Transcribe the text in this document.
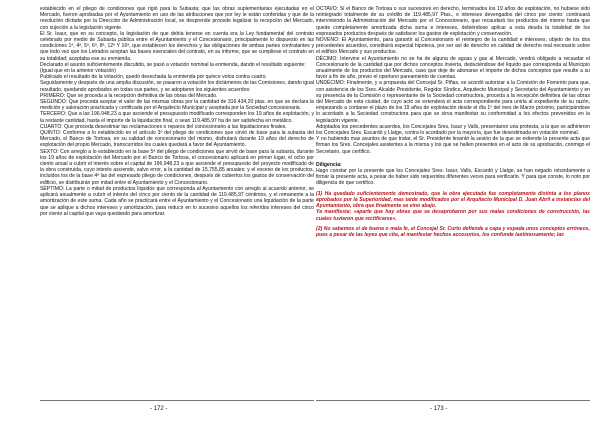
establecido en el pliego de condiciones que rigió para la Subasta; que las obras suplementarias ejecutadas en el Mercado, fueron aprobadas por el Ayuntamiento en uso de las atribuciones que por ley le están conferidas y que de la resolución dictada por la Dirección de Administración local, se desprende procede legalizar la recepción del Mercado, con sujeción a la legislación vigente.

El Sr. Isaur, que en su concepto, la legislación de que debía tenerse en cuenta era la Ley fundamental del contrato celebrado por medio de Subasta pública entre el Ayuntamiento y el Concesionario, principalmente lo dispuesto en las condiciones 1ª, 4ª, 5ª, 6ª, 8ª, 12ª Y 16ª, que establecen los derechos y las obligaciones de ambas partes contratantes y que todo vez que los Letrados aceptan las bases esenciales del contrato, en su informe, que se cumpliese el contrato en su totalidad; aceptaba ese su enmienda.

Declarado el asunto suficientemente discutido, se pasó a votación nominal la enmienda, dando el resultado siguiente:

(Igual que en la anterior votación)

Publicado el resultado de la votación, quedó desechada la enmienda por quince votos contra cuatro.

Seguidamente y después de una amplia discusión, se pasaron a votación los dictámenes de las Comisiones, dando igual resultado, quedando aprobados en todas sus partes, y se adoptaron los siguientes acuerdos:

PRIMERO: Que se proceda a la recepción definitiva de las obras del Mercado.

SEGUNDO: Que proceda aceptar el valor de las mismas obras por la cantidad de 316.434,20 ptas. en que se declara la medición y valoración practicada y certificada por el Arquitecto Municipal y aceptada por la Sociedad concesionaria.

TERCERO: Que a las 196.948,23 a que asciende el presupuesto modificado corresponden los 19 años de explotación, y la restante cantidad, hasta el importe de la liquidación final, o sean 119.485,97 ha de ser satisfecha en metálico.

CUARTO: Que proceda desestimar las reclamaciones o reparos del concesionario a las liquidaciones finales.

QUINTO: Conforme a lo establecido en el artículo 3º del pliego de condiciones que sirvió de base para la subasta del Mercado, el Banco de Tortosa, en su calidad de concesionario del mismo, disfrutará durante 19 años del derecho de explotación del propio Mercado, transcurridos los cuales quedará a favor del Ayuntamiento.

SEXTO: Con arreglo a lo establecido en la base 5ª del pliego de condiciones que sirvió de base para la subasta, durante los 19 años de explotación del Mercado por el Banco de Tortosa, el concesionario aplicará en primer lugar, el ocho por ciento anual a cubrir el interés sobre el capital de 196.948,23 a que asciende el presupuesto del proyecto modificado de la obra construida, cuyo interés asciende, salvo error, a la cantidad de 15.755,85 anuales; y el exceso de los productos, incluidos los de la base 4ª las del expresado pliego de condiciones, después de cubiertos los gastos de conservación del edificio, se distribuirán por mitad entre el Ayuntamiento y el Concesionario.

SÉPTIMO: La parte o mitad de productos líquidos que corresponda al Ayuntamiento con arreglo al acuerdo anterior, se aplicará anualmente a cubrir el interés del cinco por ciento de la cantidad de 119.485,97 céntimos, y el remanente a la amortización de este suma. Cada año se practicará entre el Ayuntamiento y el Concesionario una liquidación de la parte que se aplique a dichos intereses y amortización, para reducir en lo sucesivo aquellos los referidos intereses del cinco por ciento al capital que vaya quedando para amortizar.

OCTAVO: Si el Banco de Tortosa o sus sucesores en derecho, terminados los 19 años de explotación, no hubiese sido reintegrado totalmente de su crédito de 119.485,97 Ptas., e intereses devengados del cinco por ciento: continuará interviniendo la Administración del Mercado por el Concesionario, que recaudará los productos del mismo hasta que quede completamente amortizada dicha suma e intereses, debiéndose aplicar a esta deuda la totalidad de los expresados productos después de satisfacer los gastos de explotación y conservación.

NOVENO: El Ayuntamiento, para garantir al Concesionario el reintegro de la cantidad e intereses, objeto de los dos precedentes acuerdos, constituirá especial hipoteca, por ser así de derecho en calidad de derecho real necesario sobre el edificio Mercado y sus productos.

DÉCIMO: Intervine el Ayuntamiento no se ha de alguna de aguas y gas al Mercado, vendrá obligado a recaudar el Concesionario de la cantidad que por dichos conceptos invierta, deduciéndose del líquido que corresponda al Municipio anualmente de los productos del Mercado, caso que deje de abonarse el importe de dichos conceptos que resulte a su favor a fin de año, previo el oportuno pareamiento de cuentas.

UNDÉCIMO: Finalmente, y a propuesta del Concejal Sr. Piñas, se acordó autorizar a la Comisión de Fomento para que, con asistencia de los Sres. Alcalde Presidente, Regidor Síndico, Arquitecto Municipal y Secretario del Ayuntamiento y en su presencia de la Comisión o representante de la Sociedad constructora, proceda a la recepción definitiva de las obras del Mercado de esta ciudad, de cuyo acto se extenderá el acta correspondiente para unirla al expediente de su razón, empezando a contarse el plazo de los 19 años de explotación desde el día 1º del mes de Marzo próximo, participándose lo acordado a la Sociedad constructora para que se sirva manifestar su conformidad a los efectos prevenidos en la legislación vigente.

Adoptados los precedentes acuerdos, los Concejales Sres. Isaur y Valls, presentaron una protesta, a la que se adhirieron los Concejales Sres. Escardó y Llatge, contra lo acordado por la mayoría, que fue desestimada en votación nominal.

Y no habiendo mas asuntos de que tratar, el Sr. Presidente levantó la sesión de la que se extiende la presente acta que firman los Sres. Concejales asistentes a la misma y los que se hallen presentes en el acto de su aprobación, conmigo el Secretario, que certifico.

Diligencia:

Hago constar por la presente que los Concejales Sres. Isaur, Valls, Escardó y Llatge, se han negado rotundamente a firmar la presente acta, a pesar de haber sido requeridos diferentes veces para verificarlo. Y para que conste, lo noto por diligencia de que certifico.

(1) Ha quedado suficientemente demostrado, que la obra ejecutada fue completamente distinta a los planos aprobados por la Superioridad, mas tarde modificados por el Arquitecto Municipal D. Juan Abril a instancias del Ayuntamiento, obra que finalmente se vino abajo.

Ya manifiesta: «aparte que hay obras que se desaprobaron por sus malas condiciones de construcción, las cuales tuvieron que rectificarse».

(2) No sabemos si de buena o mala fe, el Concejal Sr. Curto defiende a capa y espada unos conceptos erróneos, pues a pesar de las leyes que cita, al manifestar hechos accesorios, los confunde lastimosamente; las

- 172 -	- 173 -
